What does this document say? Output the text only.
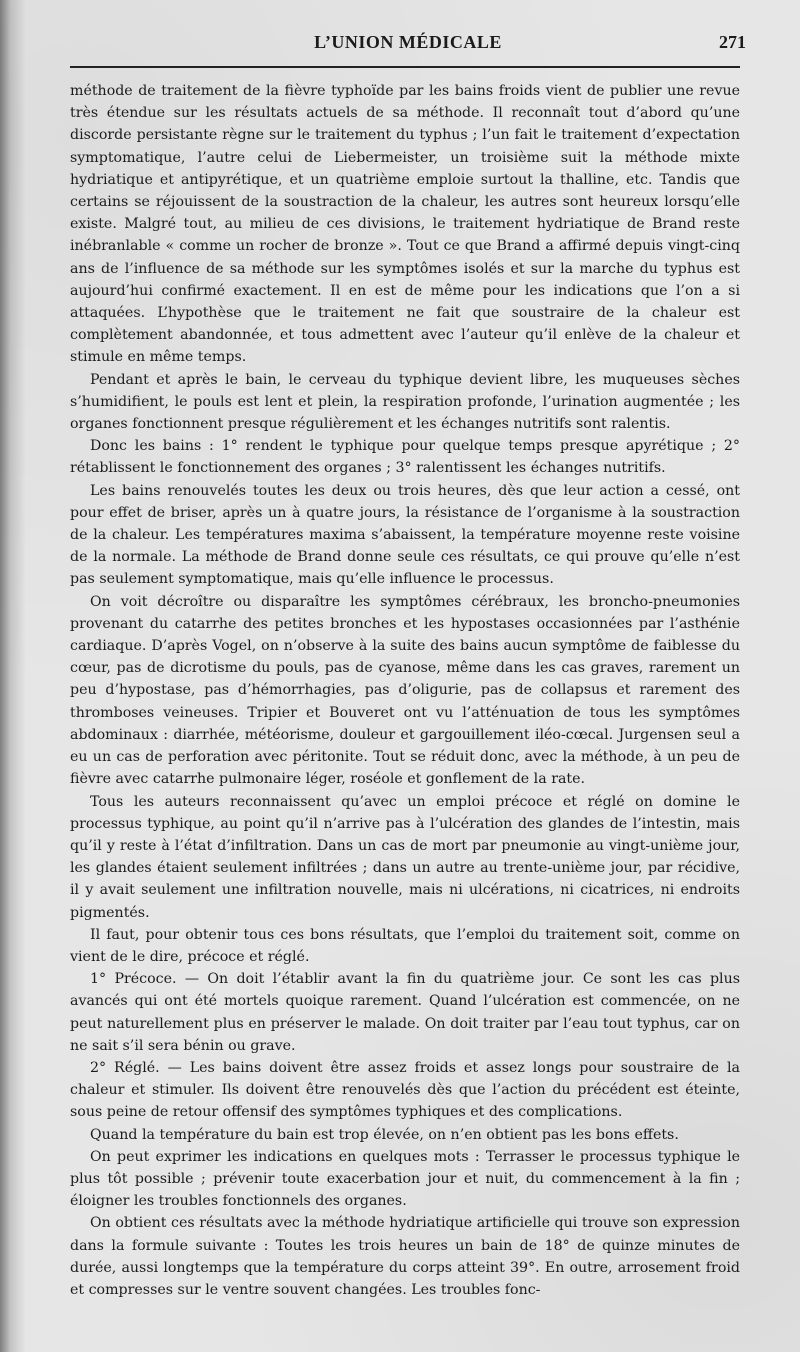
L’UNION MÉDICALE	271

méthode de traitement de la fièvre typhoïde par les bains froids vient de publier une revue très étendue sur les résultats actuels de sa méthode. Il reconnaît tout d’abord qu’une discorde persistante règne sur le traitement du typhus ; l’un fait le traitement d’expectation symptomatique, l’autre celui de Liebermeister, un troisième suit la méthode mixte hydriatique et antipyrétique, et un quatrième emploie surtout la thalline, etc. Tandis que certains se réjouissent de la soustraction de la chaleur, les autres sont heureux lorsqu’elle existe. Malgré tout, au milieu de ces divisions, le traitement hydriatique de Brand reste inébranlable « comme un rocher de bronze ». Tout ce que Brand a affirmé depuis vingt-cinq ans de l’influence de sa méthode sur les symptômes isolés et sur la marche du typhus est aujourd’hui confirmé exactement. Il en est de même pour les indications que l’on a si attaquées. L’hypothèse que le traitement ne fait que soustraire de la chaleur est complètement abandonnée, et tous admettent avec l’auteur qu’il enlève de la chaleur et stimule en même temps.

Pendant et après le bain, le cerveau du typhique devient libre, les muqueuses sèches s’humidifient, le pouls est lent et plein, la respiration profonde, l’urination augmentée ; les organes fonctionnent presque régulièrement et les échanges nutritifs sont ralentis.

Donc les bains : 1° rendent le typhique pour quelque temps presque apyrétique ; 2° rétablissent le fonctionnement des organes ; 3° ralentissent les échanges nutritifs.

Les bains renouvelés toutes les deux ou trois heures, dès que leur action a cessé, ont pour effet de briser, après un à quatre jours, la résistance de l’organisme à la soustraction de la chaleur. Les températures maxima s’abaissent, la température moyenne reste voisine de la normale. La méthode de Brand donne seule ces résultats, ce qui prouve qu’elle n’est pas seulement symptomatique, mais qu’elle influence le processus.

On voit décroître ou disparaître les symptômes cérébraux, les broncho-pneumonies provenant du catarrhe des petites bronches et les hypostases occasionnées par l’asthénie cardiaque. D’après Vogel, on n’observe à la suite des bains aucun symptôme de faiblesse du cœur, pas de dicrotisme du pouls, pas de cyanose, même dans les cas graves, rarement un peu d’hypostase, pas d’hémorrhagies, pas d’oligurie, pas de collapsus et rarement des thromboses veineuses. Tripier et Bouveret ont vu l’atténuation de tous les symptômes abdominaux : diarrhée, météorisme, douleur et gargouillement iléo-cœcal. Jurgensen seul a eu un cas de perforation avec péritonite. Tout se réduit donc, avec la méthode, à un peu de fièvre avec catarrhe pulmonaire léger, roséole et gonflement de la rate.

Tous les auteurs reconnaissent qu’avec un emploi précoce et réglé on domine le processus typhique, au point qu’il n’arrive pas à l’ulcération des glandes de l’intestin, mais qu’il y reste à l’état d’infiltration. Dans un cas de mort par pneumonie au vingt-unième jour, les glandes étaient seulement infiltrées ; dans un autre au trente-unième jour, par récidive, il y avait seulement une infiltration nouvelle, mais ni ulcérations, ni cicatrices, ni endroits pigmentés.

Il faut, pour obtenir tous ces bons résultats, que l’emploi du traitement soit, comme on vient de le dire, précoce et réglé.

1° Précoce. — On doit l’établir avant la fin du quatrième jour. Ce sont les cas plus avancés qui ont été mortels quoique rarement. Quand l’ulcération est commencée, on ne peut naturellement plus en préserver le malade. On doit traiter par l’eau tout typhus, car on ne sait s’il sera bénin ou grave.

2° Réglé. — Les bains doivent être assez froids et assez longs pour soustraire de la chaleur et stimuler. Ils doivent être renouvelés dès que l’action du précédent est éteinte, sous peine de retour offensif des symptômes typhiques et des complications.

Quand la température du bain est trop élevée, on n’en obtient pas les bons effets.

On peut exprimer les indications en quelques mots : Terrasser le processus typhique le plus tôt possible ; prévenir toute exacerbation jour et nuit, du commencement à la fin ; éloigner les troubles fonctionnels des organes.

On obtient ces résultats avec la méthode hydriatique artificielle qui trouve son expression dans la formule suivante : Toutes les trois heures un bain de 18° de quinze minutes de durée, aussi longtemps que la température du corps atteint 39°. En outre, arrosement froid et compresses sur le ventre souvent changées. Les troubles fonc-
